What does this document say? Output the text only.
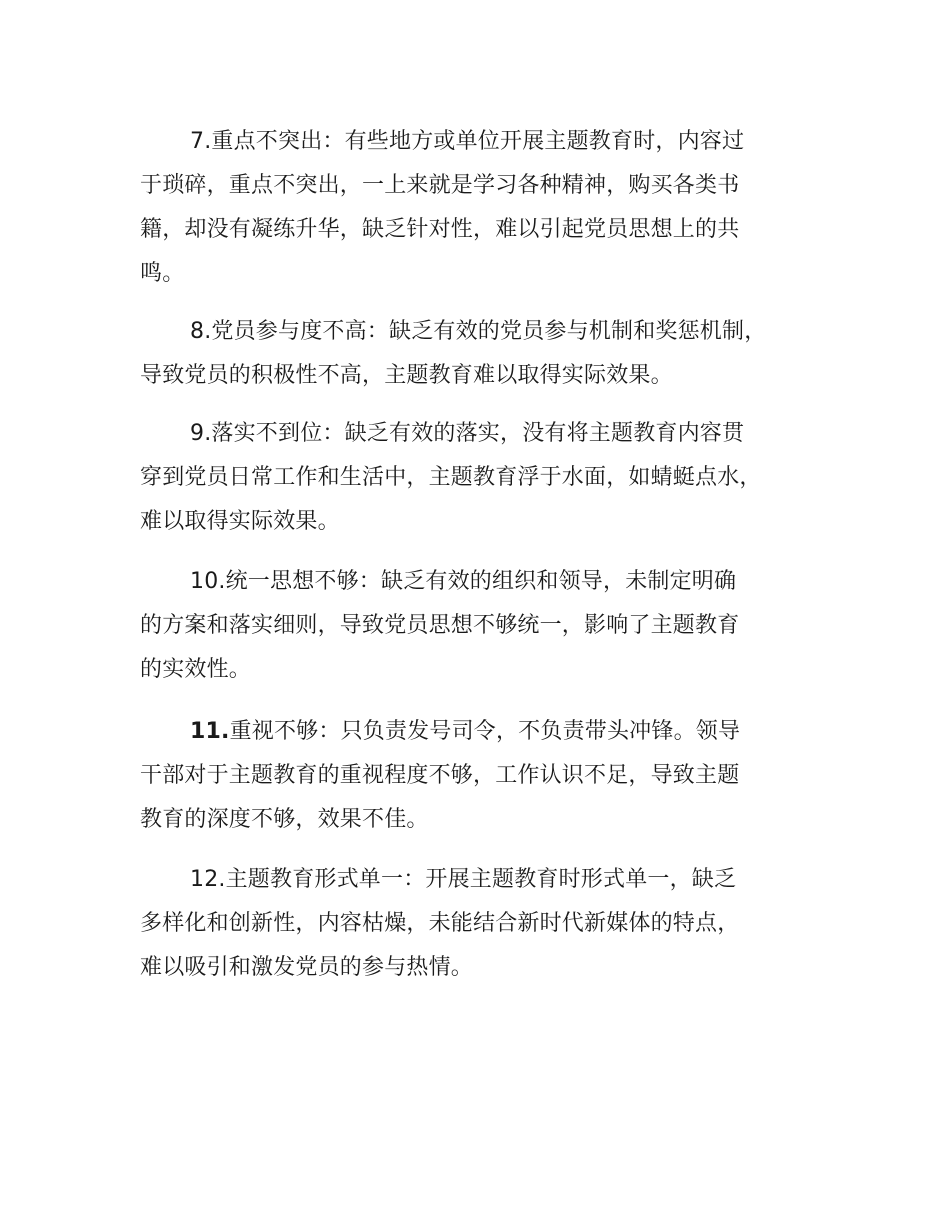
7.重点不突出：有些地方或单位开展主题教育时，内容过
于琐碎，重点不突出，一上来就是学习各种精神，购买各类书
籍，却没有凝练升华，缺乏针对性，难以引起党员思想上的共
鸣。
8.党员参与度不高：缺乏有效的党员参与机制和奖惩机制，
导致党员的积极性不高，主题教育难以取得实际效果。
9.落实不到位：缺乏有效的落实，没有将主题教育内容贯
穿到党员日常工作和生活中，主题教育浮于水面，如蜻蜓点水，
难以取得实际效果。
10.统一思想不够：缺乏有效的组织和领导，未制定明确
的方案和落实细则，导致党员思想不够统一，影响了主题教育
的实效性。
11.重视不够：只负责发号司令，不负责带头冲锋。领导
干部对于主题教育的重视程度不够，工作认识不足，导致主题
教育的深度不够，效果不佳。
12.主题教育形式单一：开展主题教育时形式单一，缺乏
多样化和创新性，内容枯燥，未能结合新时代新媒体的特点，
难以吸引和激发党员的参与热情。
